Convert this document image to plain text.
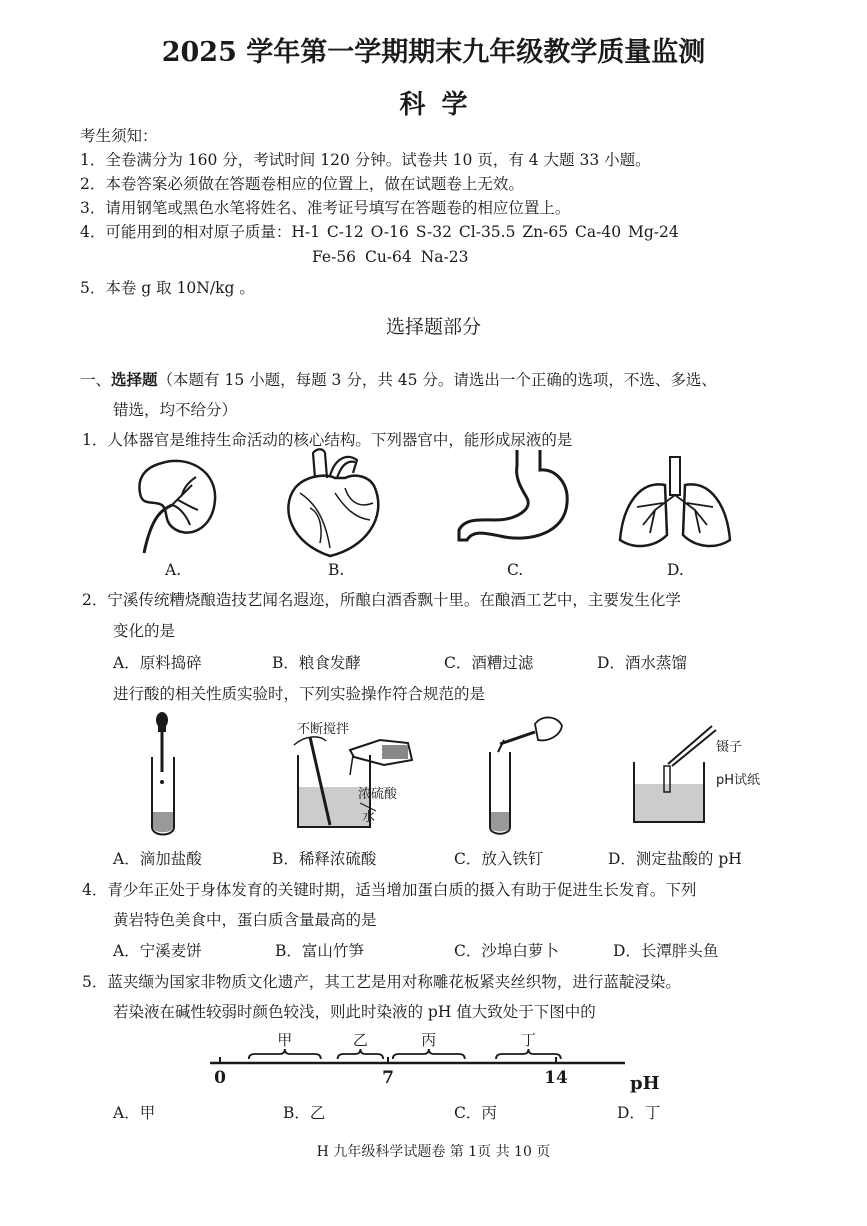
2025 学年第一学期期末九年级教学质量监测
科学
考生须知：
1．全卷满分为 160 分，考试时间 120 分钟。试卷共 10 页，有 4 大题 33 小题。
2．本卷答案必须做在答题卷相应的位置上，做在试题卷上无效。
3．请用钢笔或黑色水笔将姓名、准考证号填写在答题卷的相应位置上。
4．可能用到的相对原子质量：H-1 C-12 O-16 S-32 Cl-35.5 Zn-65 Ca-40 Mg-24
Fe-56 Cu-64 Na-23
5．本卷 g 取 10N/kg 。
选择题部分
一、选择题（本题有 15 小题，每题 3 分，共 45 分。请选出一个正确的选项，不选、多选、
错选，均不给分）
1．人体器官是维持生命活动的核心结构。下列器官中，能形成尿液的是
A.	B.	C.	D.
2．宁溪传统糟烧酿造技艺闻名遐迩，所酿白酒香飘十里。在酿酒工艺中，主要发生化学
变化的是
A．原料捣碎	B．粮食发酵	C．酒糟过滤	D．酒水蒸馏
进行酸的相关性质实验时，下列实验操作符合规范的是
不断搅拌
浓硫酸
水
镊子
pH试纸
A．滴加盐酸	B．稀释浓硫酸	C．放入铁钉	D．测定盐酸的 pH
4．青少年正处于身体发育的关键时期，适当增加蛋白质的摄入有助于促进生长发育。下列
黄岩特色美食中，蛋白质含量最高的是
A．宁溪麦饼	B．富山竹笋	C．沙埠白萝卜	D．长潭胖头鱼
5．蓝夹缬为国家非物质文化遗产，其工艺是用对称雕花板紧夹丝织物，进行蓝靛浸染。
若染液在碱性较弱时颜色较浅，则此时染液的 pH 值大致处于下图中的
0	7	14	pH
甲	乙	丙	丁
A．甲	B．乙	C．丙	D．丁
H 九年级科学试题卷 第 1页 共 10 页
